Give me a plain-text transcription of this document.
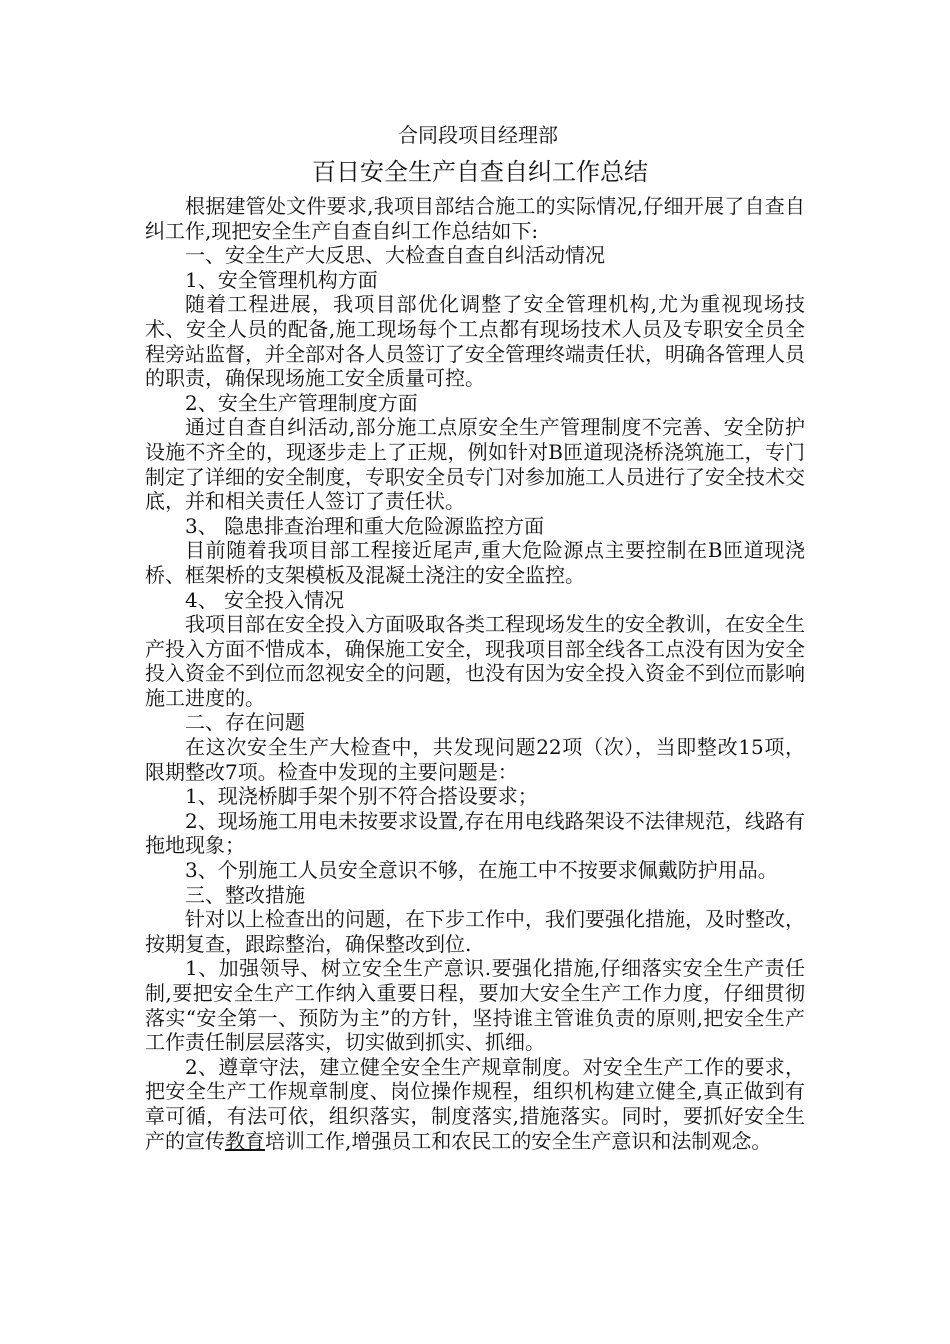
合同段项目经理部

百日安全生产自查自纠工作总结

根据建管处文件要求,我项目部结合施工的实际情况,仔细开展了自查自纠工作,现把安全生产自查自纠工作总结如下:

一、安全生产大反思、大检查自查自纠活动情况

1、安全管理机构方面

随着工程进展，我项目部优化调整了安全管理机构,尤为重视现场技术、安全人员的配备,施工现场每个工点都有现场技术人员及专职安全员全程旁站监督，并全部对各人员签订了安全管理终端责任状，明确各管理人员的职责，确保现场施工安全质量可控。

2、安全生产管理制度方面

通过自查自纠活动,部分施工点原安全生产管理制度不完善、安全防护设施不齐全的，现逐步走上了正规，例如针对B匝道现浇桥浇筑施工，专门制定了详细的安全制度，专职安全员专门对参加施工人员进行了安全技术交底，并和相关责任人签订了责任状。

3、 隐患排查治理和重大危险源监控方面

目前随着我项目部工程接近尾声,重大危险源点主要控制在B匝道现浇桥、框架桥的支架模板及混凝土浇注的安全监控。

4、 安全投入情况

我项目部在安全投入方面吸取各类工程现场发生的安全教训，在安全生产投入方面不惜成本，确保施工安全，现我项目部全线各工点没有因为安全投入资金不到位而忽视安全的问题，也没有因为安全投入资金不到位而影响施工进度的。

二、存在问题

在这次安全生产大检查中，共发现问题22项（次），当即整改15项，限期整改7项。检查中发现的主要问题是：

1、现浇桥脚手架个别不符合搭设要求；

2、现场施工用电未按要求设置,存在用电线路架设不法律规范，线路有拖地现象；

3、个别施工人员安全意识不够，在施工中不按要求佩戴防护用品。

三、整改措施

针对以上检查出的问题，在下步工作中，我们要强化措施，及时整改，按期复查，跟踪整治，确保整改到位.

1、加强领导、树立安全生产意识.要强化措施,仔细落实安全生产责任制,要把安全生产工作纳入重要日程，要加大安全生产工作力度，仔细贯彻落实“安全第一、预防为主”的方针，坚持谁主管谁负责的原则,把安全生产工作责任制层层落实，切实做到抓实、抓细。

2、遵章守法，建立健全安全生产规章制度。对安全生产工作的要求，把安全生产工作规章制度、岗位操作规程，组织机构建立健全,真正做到有章可循，有法可依，组织落实，制度落实,措施落实。同时，要抓好安全生产的宣传教育培训工作,增强员工和农民工的安全生产意识和法制观念。
